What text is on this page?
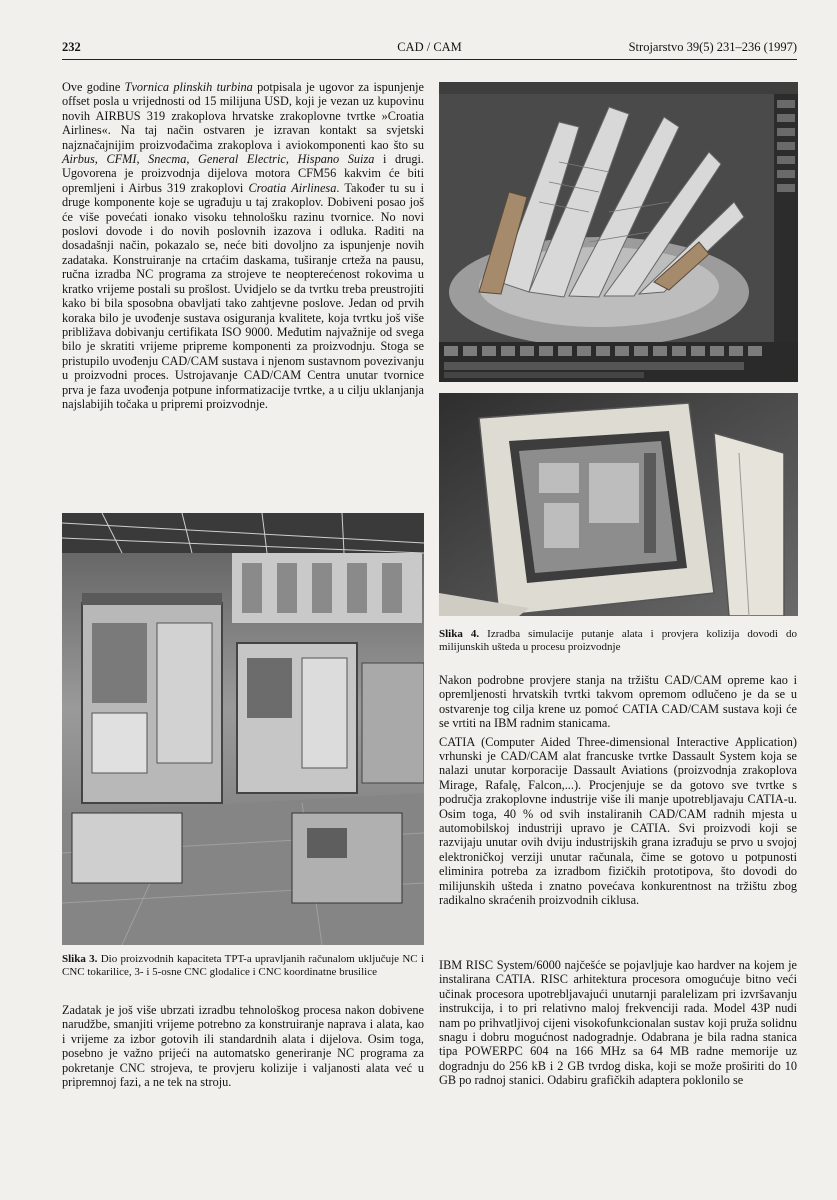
232	CAD / CAM	Strojarstvo 39(5) 231–236 (1997)

Ove godine Tvornica plinskih turbina potpisala je ugovor za ispunjenje offset posla u vrijednosti od 15 milijuna USD, koji je vezan uz kupovinu novih AIRBUS 319 zrakoplova hrvatske zrakoplovne tvrtke »Croatia Airlines«. Na taj način ostvaren je izravan kontakt sa svjetski najznačajnijim proizvođačima zrakoplova i aviokomponenti kao što su Airbus, CFMI, Snecma, General Electric, Hispano Suiza i drugi. Ugovorena je proizvodnja dijelova motora CFM56 kakvim će biti opremljeni i Airbus 319 zrakoplovi Croatia Airlinesa. Također tu su i druge komponente koje se ugrađuju u taj zrakoplov. Dobiveni posao još će više povećati ionako visoku tehnološku razinu tvornice. No novi poslovi dovode i do novih poslovnih izazova i odluka. Raditi na dosadašnji način, pokazalo se, neće biti dovoljno za ispunjenje novih zadataka. Konstruiranje na crtaćim daskama, tuširanje crteža na pausu, ručna izradba NC programa za strojeve te neopterećenost rokovima u kratko vrijeme postali su prošlost. Uvidjelo se da tvrtku treba preustrojiti kako bi bila sposobna obavljati tako zahtjevne poslove. Jedan od prvih koraka bilo je uvođenje sustava osiguranja kvalitete, koja tvrtku još više približava dobivanju certifikata ISO 9000. Međutim najvažnije od svega bilo je skratiti vrijeme pripreme komponenti za proizvodnju. Stoga se pristupilo uvođenju CAD/CAM sustava i njenom sustavnom povezivanju u proizvodni proces. Ustrojavanje CAD/CAM Centra unutar tvornice prva je faza uvođenja potpune informatizacije tvrtke, a u cilju uklanjanja najslabijih točaka u pripremi proizvodnje.

Slika 3. Dio proizvodnih kapaciteta TPT-a upravljanih računalom uključuje NC i CNC tokarilice, 3- i 5-osne CNC glodalice i CNC koordinatne brusilice

Zadatak je još više ubrzati izradbu tehnološkog procesa nakon dobivene narudžbe, smanjiti vrijeme potrebno za konstruiranje naprava i alata, kao i vrijeme za izbor gotovih ili standardnih alata i dijelova. Osim toga, posebno je važno prijeći na automatsko generiranje NC programa za pokretanje CNC strojeva, te provjeru kolizije i valjanosti alata već u pripremnoj fazi, a ne tek na stroju.

Slika 4. Izradba simulacije putanje alata i provjera kolizija dovodi do milijunskih ušteda u procesu proizvodnje

Nakon podrobne provjere stanja na tržištu CAD/CAM opreme kao i opremljenosti hrvatskih tvrtki takvom opremom odlučeno je da se u ostvarenje tog cilja krene uz pomoć CATIA CAD/CAM sustava koji će se vrtiti na IBM radnim stanicama.

CATIA (Computer Aided Three-dimensional Interactive Application) vrhunski je CAD/CAM alat francuske tvrtke Dassault System koja se nalazi unutar korporacije Dassault Aviations (proizvodnja zrakoplova Mirage, Rafalę, Falcon,...). Procjenjuje se da gotovo sve tvrtke s područja zrakoplovne industrije više ili manje upotrebljavaju CATIA-u. Osim toga, 40 % od svih instaliranih CAD/CAM radnih mjesta u automobilskoj industriji upravo je CATIA. Svi proizvodi koji se razvijaju unutar ovih dviju industrijskih grana izrađuju se prvo u svojoj elektroničkoj verziji unutar računala, čime se gotovo u potpunosti eliminira potreba za izradbom fizičkih prototipova, što dovodi do milijunskih ušteda i znatno povećava konkurentnost na tržištu zbog radikalno skraćenih proizvodnih ciklusa.

IBM RISC System/6000 najčešće se pojavljuje kao hardver na kojem je instalirana CATIA. RISC arhitektura procesora omogućuje bitno veći učinak procesora upotrebljavajući unutarnji paralelizam pri izvršavanju instrukcija, i to pri relativno maloj frekvenciji rada. Model 43P nudi nam po prihvatljivoj cijeni visokofunkcionalan sustav koji pruža solidnu snagu i dobru mogućnost nadogradnje. Odabrana je bila radna stanica tipa POWERPC 604 na 166 MHz sa 64 MB radne memorije uz dogradnju do 256 kB i 2 GB tvrdog diska, koji se može proširiti do 10 GB po radnoj stanici. Odabiru grafičkih adaptera poklonilo se
